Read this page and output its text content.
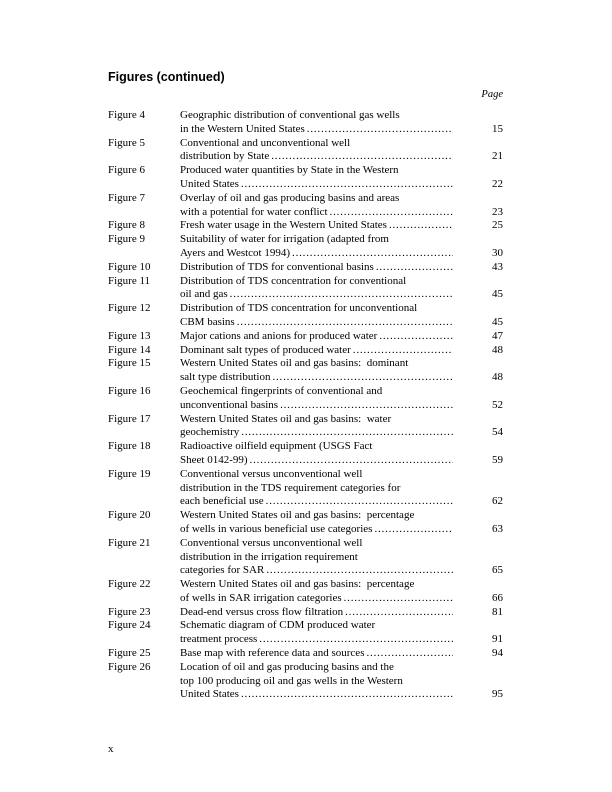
Figures (continued)
Page
Figure 4	Geographic distribution of conventional gas wells
in the Western United States .....	15
Figure 5	Conventional and unconventional well
distribution by State .....	21
Figure 6	Produced water quantities by State in the Western
United States .....	22
Figure 7	Overlay of oil and gas producing basins and areas
with a potential for water conflict .....	23
Figure 8	Fresh water usage in the Western United States .....	25
Figure 9	Suitability of water for irrigation (adapted from
Ayers and Westcot 1994) .....	30
Figure 10	Distribution of TDS for conventional basins .....	43
Figure 11	Distribution of TDS concentration for conventional
oil and gas .....	45
Figure 12	Distribution of TDS concentration for unconventional
CBM basins .....	45
Figure 13	Major cations and anions for produced water .....	47
Figure 14	Dominant salt types of produced water .....	48
Figure 15	Western United States oil and gas basins:  dominant
salt type distribution .....	48
Figure 16	Geochemical fingerprints of conventional and
unconventional basins .....	52
Figure 17	Western United States oil and gas basins:  water
geochemistry .....	54
Figure 18	Radioactive oilfield equipment (USGS Fact
Sheet 0142-99) .....	59
Figure 19	Conventional versus unconventional well
distribution in the TDS requirement categories for
each beneficial use .....	62
Figure 20	Western United States oil and gas basins:  percentage
of wells in various beneficial use categories .....	63
Figure 21	Conventional versus unconventional well
distribution in the irrigation requirement
categories for SAR .....	65
Figure 22	Western United States oil and gas basins:  percentage
of wells in SAR irrigation categories .....	66
Figure 23	Dead-end versus cross flow filtration .....	81
Figure 24	Schematic diagram of CDM produced water
treatment process .....	91
Figure 25	Base map with reference data and sources .....	94
Figure 26	Location of oil and gas producing basins and the
top 100 producing oil and gas wells in the Western
United States .....	95
x
